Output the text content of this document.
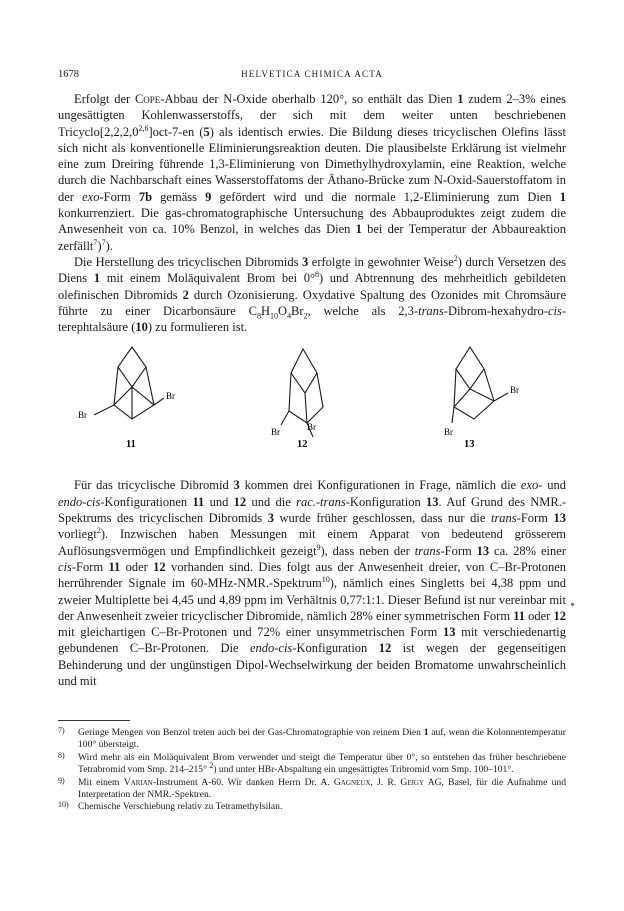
1678	HELVETICA CHIMICA ACTA

Erfolgt der Cope-Abbau der N-Oxide oberhalb 120°, so enthält das Dien 1 zudem 2–3% eines ungesättigten Kohlenwasserstoffs, der sich mit dem weiter unten beschriebenen Tricyclo[2,2,2,0$^{2,6}$]oct-7-en (5) als identisch erwies. Die Bildung dieses tricyclischen Olefins lässt sich nicht als konventionelle Eliminierungsreaktion deuten. Die plausibelste Erklärung ist vielmehr eine zum Dreiring führende 1,3-Eliminierung von Dimethylhydroxylamin, eine Reaktion, welche durch die Nachbarschaft eines Wasserstoffatoms der Äthano-Brücke zum N-Oxid-Sauerstoffatom in der exo-Form 7b gemäss 9 gefördert wird und die normale 1,2-Eliminierung zum Dien 1 konkurrenziert. Die gas-chromatographische Untersuchung des Abbauproduktes zeigt zudem die Anwesenheit von ca. 10% Benzol, in welches das Dien 1 bei der Temperatur der Abbaureaktion zerfällt$^7$)$^7$).

Die Herstellung des tricyclischen Dibromids 3 erfolgte in gewohnter Weise$^2$) durch Versetzen des Diens 1 mit einem Moläquivalent Brom bei 0°$^8$) und Abtrennung des mehrheitlich gebildeten olefinischen Dibromids 2 durch Ozonisierung. Oxydative Spaltung des Ozonides mit Chromsäure führte zu einer Dicarbonsäure $C_8H_{10}O_4Br_2$, welche als 2,3-trans-Dibrom-hexahydro-cis-terephtalsäure (10) zu formulieren ist.

Br
Br
11
Br	Br
12
Br
Br
13

Für das tricyclische Dibromid 3 kommen drei Konfigurationen in Frage, nämlich die exo- und endo-cis-Konfigurationen 11 und 12 und die rac.-trans-Konfiguration 13. Auf Grund des NMR.-Spektrums des tricyclischen Dibromids 3 wurde früher geschlossen, dass nur die trans-Form 13 vorliegt$^2$). Inzwischen haben Messungen mit einem Apparat von bedeutend grösserem Auflösungsvermögen und Empfindlichkeit gezeigt$^9$), dass neben der trans-Form 13 ca. 28% einer cis-Form 11 oder 12 vorhanden sind. Dies folgt aus der Anwesenheit dreier, von C–Br-Protonen herrührender Signale im 60-MHz-NMR.-Spektrum$^{10}$), nämlich eines Singletts bei 4,38 ppm und zweier Multiplette bei 4,45 und 4,89 ppm im Verhältnis 0,77:1:1. Dieser Befund ist nur vereinbar mit der Anwesenheit zweier tricyclischer Dibromide, nämlich 28% einer symmetrischen Form 11 oder 12 mit gleichartigen C–Br-Protonen und 72% einer unsymmetrischen Form 13 mit verschiedenartig gebundenen C–Br-Protonen. Die endo-cis-Konfiguration 12 ist wegen der gegenseitigen Behinderung und der ungünstigen Dipol-Wechselwirkung der beiden Bromatome unwahrscheinlich und mit

7) Geringe Mengen von Benzol treten auch bei der Gas-Chromatographie von reinem Dien 1 auf, wenn die Kolonnentemperatur 100° übersteigt.

8) Wird mehr als ein Moläquivalent Brom verwendet und steigt die Temperatur über 0°, so entstehen das früher beschriebene Tetrabromid vom Smp. 214–215° $^2$) und unter HBr-Abspaltung ein ungesättigtes Tribromid vom Smp. 100–101°.

9) Mit einem Varian-Instrument A-60. Wir danken Herrn Dr. A. Gagneux, J. R. Geigy AG, Basel, für die Aufnahme und Interpretation der NMR.-Spektren.

10) Chemische Verschiebung relativ zu Tetramethylsilan.
